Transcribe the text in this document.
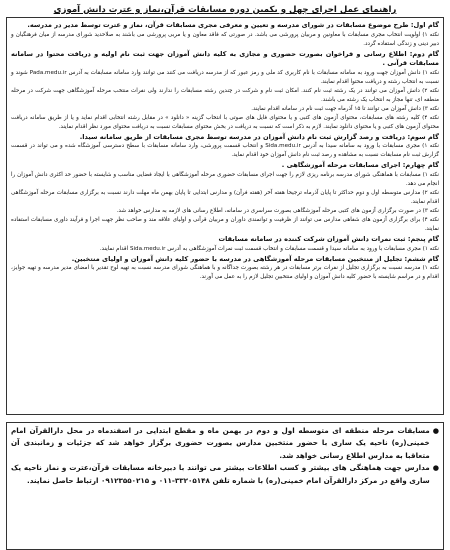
راهنمای عمل اجرای چهل و یکمین دوره مسابقات قرآن،نماز و عترت دانش آموزی
گام اول: طرح موضوع مسابقات در شورای مدرسه و تعیین و معرفی مجری مسابقات قرآن، نماز و عترت توسط مدیر در مدرسه.
نکته ۱) اولویت انتخاب مجری مسابقات با معاونین و مربیان پرورشی می باشد. در صورتی که فاقد معاون و یا مربی پرورشی می باشند به صلاحدید شورای مدرسه از میان فرهنگیان و دبیر دینی و زندگی استفاده گردد.
گام دوم: اطلاع رسانی و فراخوان بصورت حضوری و مجازی به کلیه دانش آموزان جهت ثبت نام اولیه و دریافت محتوا در سامانه مسابقات قرآنی .
نکته ۱) دانش آموزان جهت ورود به سامانه مسابقات با نام کاربری کد ملی و رمز عبور که از مدرسه دریافت می کنند می توانند وارد سامانه مسابقات به آدرس Pada.medu.ir شوند و نسبت به انتخاب رشته و دریافت محتوا اقدام نمایند.
نکته ۲) دانش آموزان می توانند در یک رشته ثبت نام کنند. امکان ثبت نام و شرکت در چندین رشته مسابقات را ندارند ولی نفرات منتخب مرحله آموزشگاهی جهت شرکت در مرحله منطقه ای، تنها مجاز به انتخاب یک رشته می باشند.
نکته ۳) دانش آموزان می توانند تا ۱۵ آذرماه جهت ثبت نام در سامانه اقدام نمایند.
نکته ۴) کلیه رشته های مسابقات، محتوای آزمون های کتبی و یا محتوای فایل های صوتی با انتخاب گزینه « دانلود » در مقابل رشته انتخابی اقدام نماید و یا از طریق سامانه دریافت محتوای آزمون های کتبی و یا محتوای دانلود نمایند. لازم به ذکر است که نسبت به دریافت در بخش محتوای مسابقات نسبت به دریافت محتوای مورد نظر اقدام نمایند.
گام سوم: دریافت و رصد گزارش ثبت نام دانش آموزان در مدرسه توسط مجری مسابقات از طریق سامانه سیدا.
نکته ۱) مجری مسابقات با ورود به سامانه سیدا به آدرس Sida.medu.ir و انتخاب قسمت پرورشی، وارد سامانه مسابقات با سطح دسترسی آموزشگاه شده و می تواند در قسمت گزارش ثبت نام مسابقات نسبت به مشاهده و رصد ثبت نام دانش آموزان خود اقدام نماید.
گام چهارم: اجرای مسابقات مرحله آموزشگاهی .
نکته ۱) مسابقات با هماهنگی شورای مدرسه برنامه ریزی لازم را جهت اجرای مسابقات حضوری مرحله آموزشگاهی با ایجاد فضایی مناسب و شایسته با حضور حد اکثری دانش آموزان را انجام می دهد.
نکته ۲) مدارس متوسطه اول و دوم حداکثر تا پایان آذرماه ترجیحا هفته آخر (هفته فرآن) و مدارس ابتدایی تا پایان بهمن ماه مهلت دارند نسبت به برگزاری مسابقات مرحله آموزشگاهی اقدام نمایند.
نکته ۳) در صورت برگزاری آزمون های کتبی مرحله آموزشگاهی بصورت سراسری در سامانه، اطلاع رسانی های لازمه به مدارس خواهد شد.
نکته ۴) برای برگزاری آزمون های شفاهی مدارس می توانند از ظرفیت و توانمندی داوران و مربیان قرآنی و اولیای علاقه مند و صاحب نظر جهت اجرا و فرآیند داوری مسابقات استفاده نمایند.
گام پنجم: ثبت نمرات دانش آموزان شرکت کننده در سامانه مسابقات
نکته ۱) مجری مسابقات با ورود به سامانه سیدا و قسمت مسابقات و انتخاب قسمت ثبت نمرات آموزشگاهی به آدرس Sida.medu.ir اقدام نمایند.
گام ششم: تجلیل از منتخبین مسابقات مرحله آموزشگاهی در مدرسه با حضور کلیه دانش آموزان و اولیای منتخبین.
نکته ۱) مدرسه نسبت به برگزاری تجلیل از نفرات برتر مسابقات در هر رشته بصورت جداگانه و با هماهنگی شورای مدرسه نسبت به تهیه لوح تقدیر با امضای مدیر مدرسه و تهیه جوایز، اقدام و در مراسم شایسته با حضور کلیه دانش آموزان و اولیای منتخبین تجلیل لازم را به عمل می آورند.
●
مسابقات مرحله منطقه ای متوسطه اول و دوم در بهمن ماه و مقطع ابتدایی در اسفندماه در محل دارالقرآن امام خمینی(ره) ناحیه یک ساری با حضور منتخبین مدارس بصورت حضوری برگزار خواهد شد که جزئیات و زمانبندی آن متعاقبا به مدارس اطلاع رسانی خواهد شد.
●
مدارس جهت هماهنگی های بیشتر و کسب اطلاعات بیشتر می توانند با دبیرخانه مسابقات قرآن،عترت و نماز ناحیه یک ساری واقع در مرکز دارالقرآن امام خمینی(ره) با شماره تلفن ۳۳۲۰۵۱۴۸-۰۱۱ و ۰۹۱۲۳۵۵۰۲۱۵ ارتباط حاصل نمایند.
